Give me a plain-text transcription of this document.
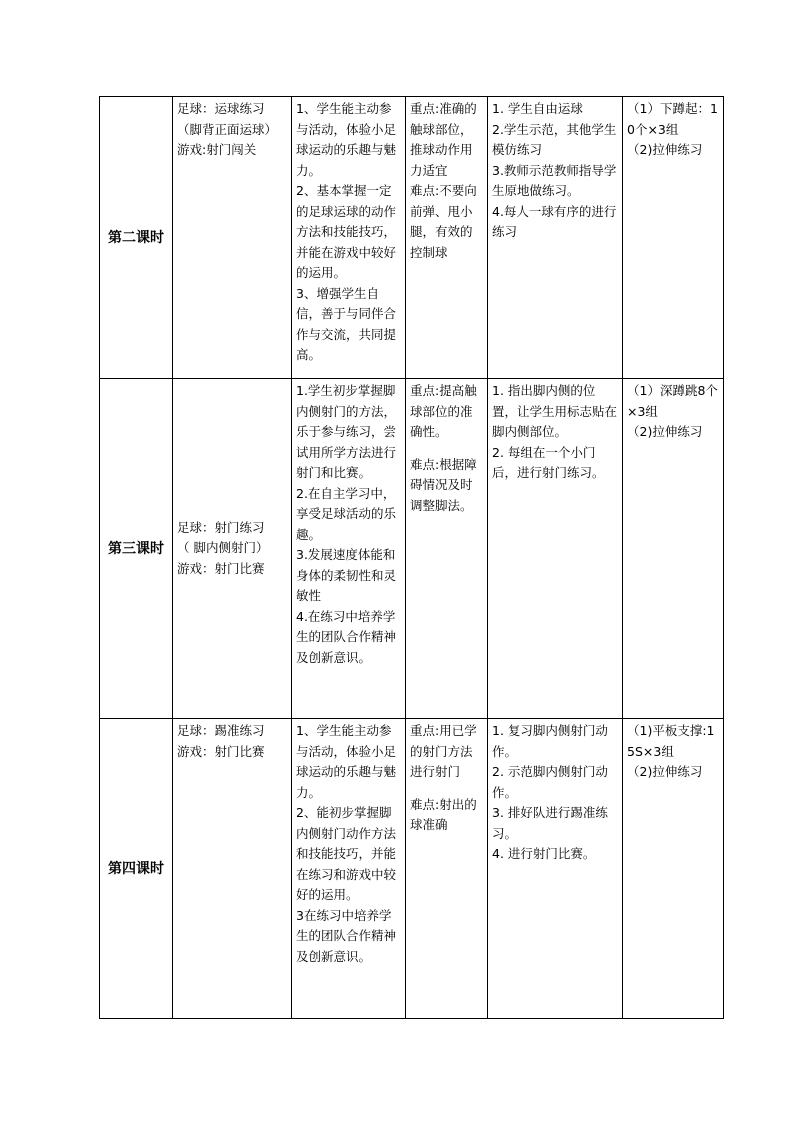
第二课时	足球：运球练习
（脚背正面运球）
游戏:射门闯关	1、学生能主动参与活动，体验小足球运动的乐趣与魅力。
2、基本掌握一定的足球运球的动作方法和技能技巧，并能在游戏中较好的运用。
3、增强学生自信，善于与同伴合作与交流，共同提高。	重点:准确的触球部位，推球动作用力适宜
难点:不要向前弹、甩小腿，有效的控制球	1. 学生自由运球
2.学生示范，其他学生模仿练习
3.教师示范教师指导学生原地做练习。
4.每人一球有序的进行练习	（1）下蹲起：10个×3组
（2)拉伸练习

第三课时	足球：射门练习
（ 脚内侧射门）
游戏：射门比赛	1.学生初步掌握脚内侧射门的方法，乐于参与练习，尝试用所学方法进行射门和比赛。
2.在自主学习中，享受足球活动的乐趣。
3.发展速度体能和身体的柔韧性和灵敏性
4.在练习中培养学生的团队合作精神及创新意识。	重点:提高触球部位的准确性。
难点:根据障碍情况及时调整脚法。	1. 指出脚内侧的位置，让学生用标志贴在脚内侧部位。
2. 每组在一个小门后，进行射门练习。	（1）深蹲跳8个×3组
（2)拉伸练习

第四课时	足球：踢准练习
游戏：射门比赛	1、学生能主动参与活动，体验小足球运动的乐趣与魅力。
2、能初步掌握脚内侧射门动作方法和技能技巧，并能在练习和游戏中较好的运用。
3在练习中培养学生的团队合作精神及创新意识。	重点:用已学的射门方法进行射门
难点:射出的球准确	1. 复习脚内侧射门动作。
2. 示范脚内侧射门动作。
3. 排好队进行踢准练习。
4. 进行射门比赛。	（1)平板支撑:15S×3组
（2)拉伸练习
